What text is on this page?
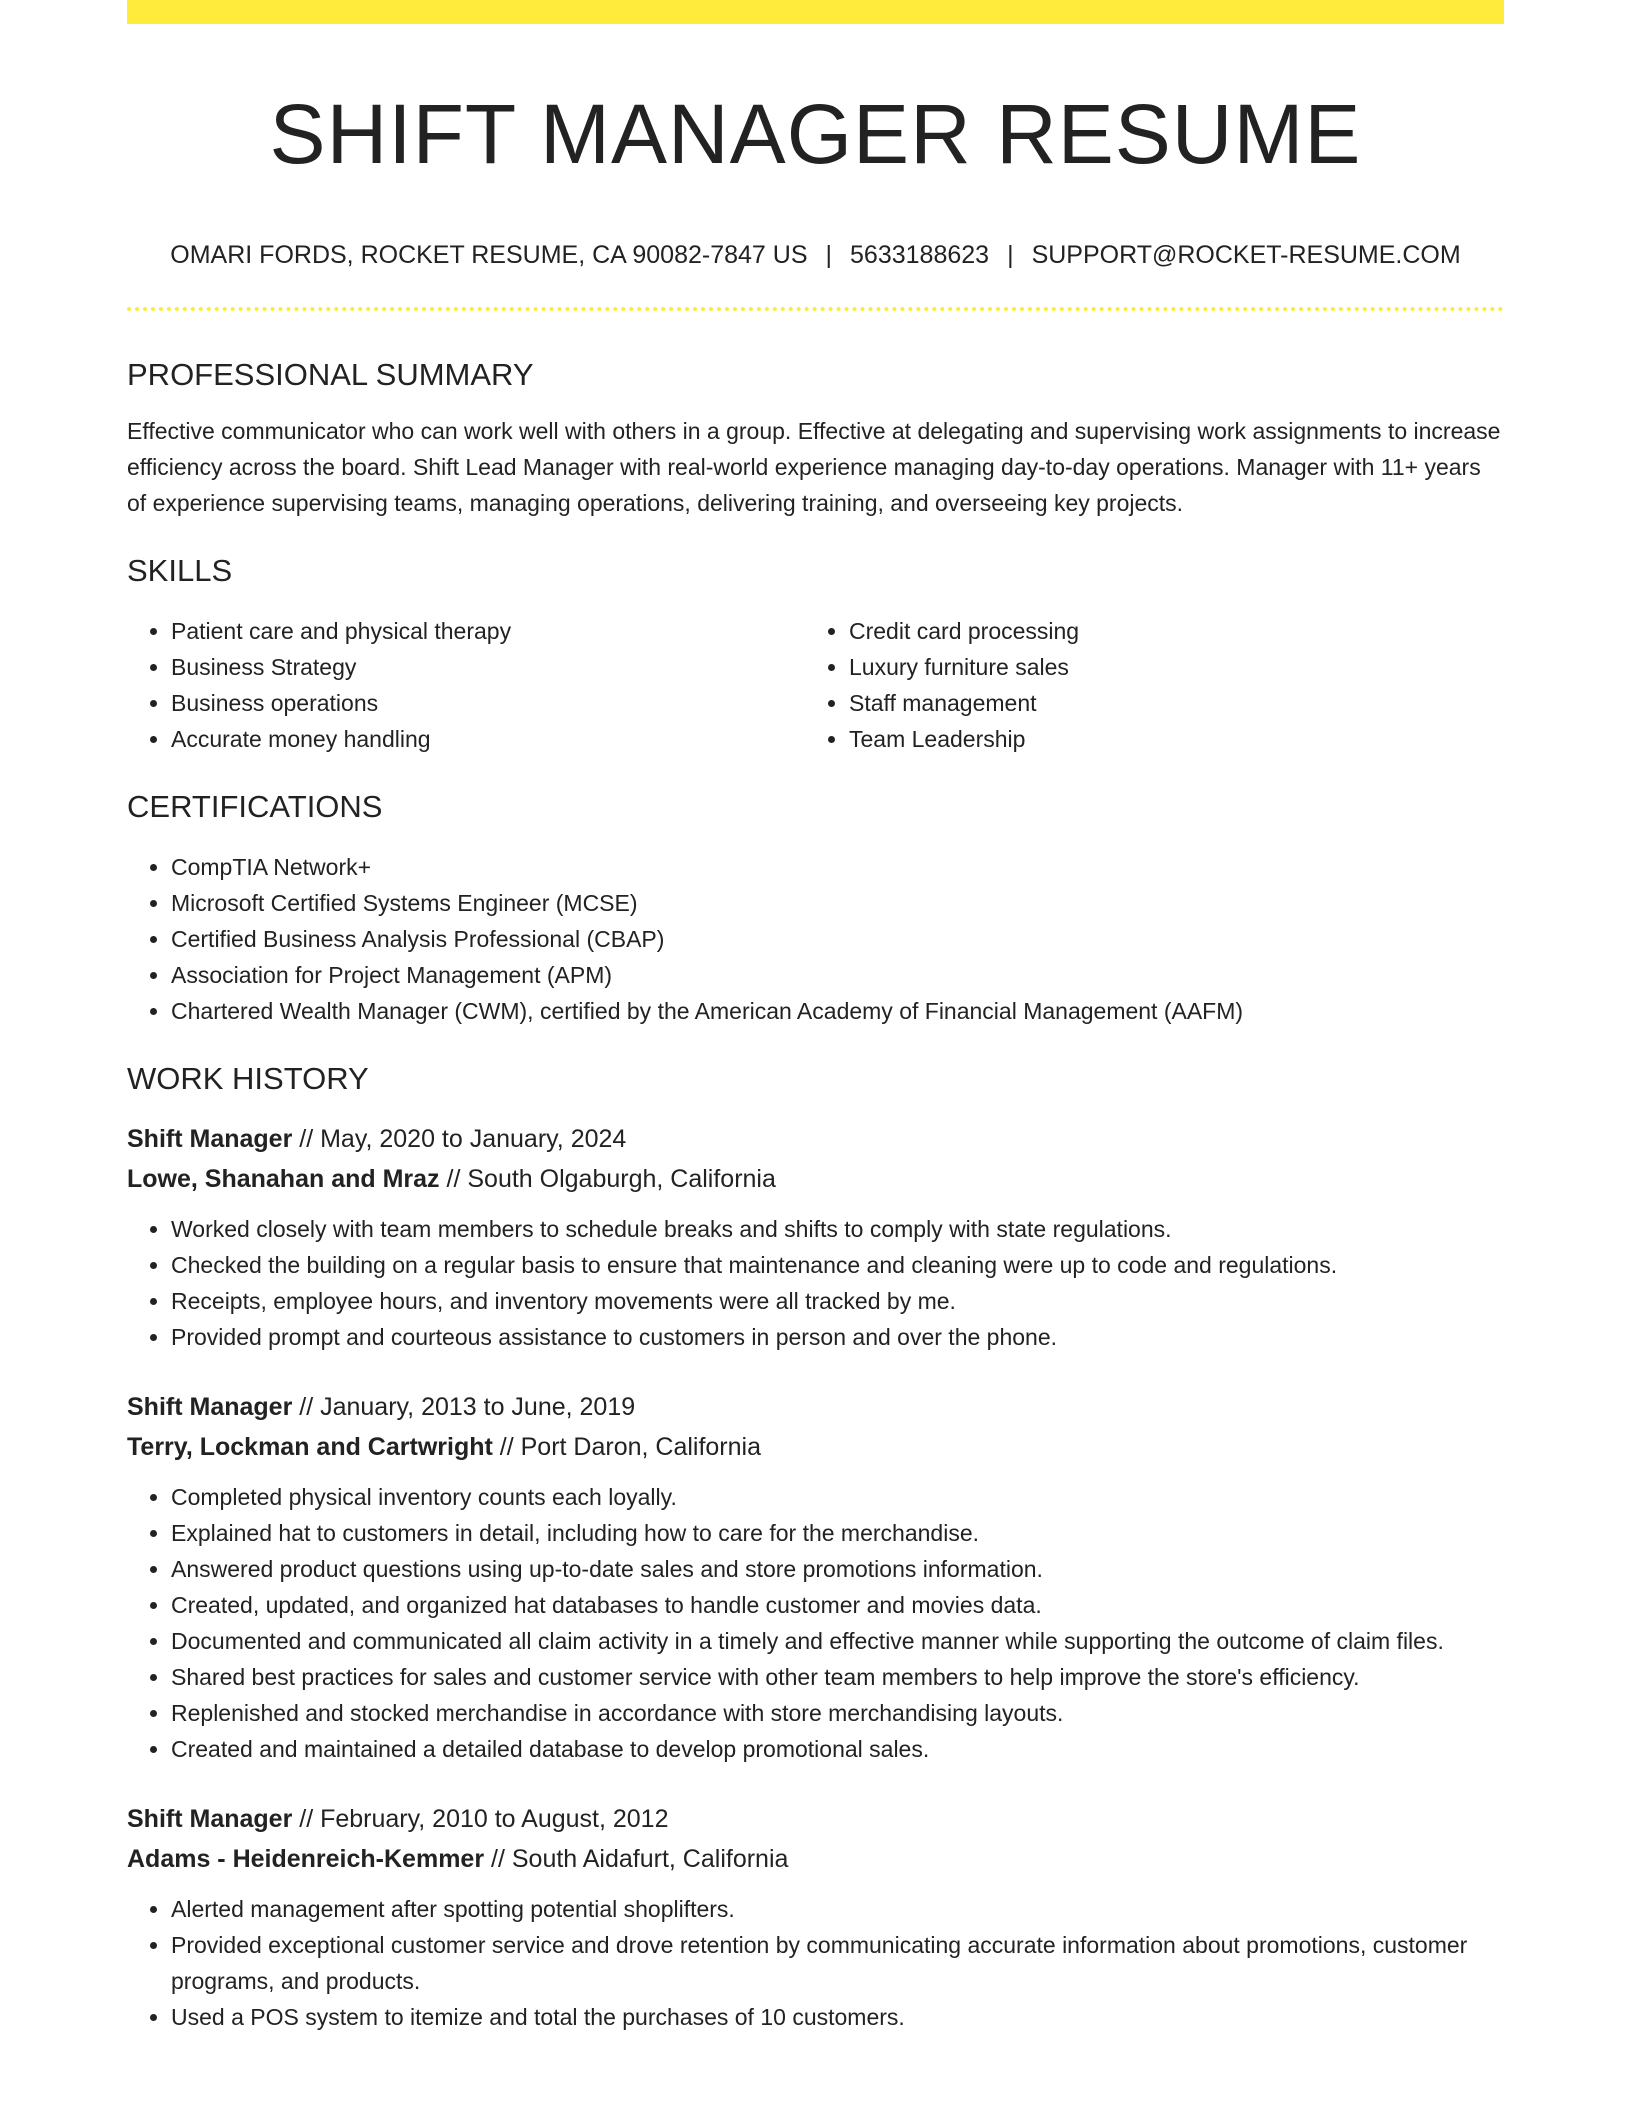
SHIFT MANAGER RESUME
OMARI FORDS, ROCKET RESUME, CA 90082-7847 US | 5633188623 | SUPPORT@ROCKET-RESUME.COM
PROFESSIONAL SUMMARY

Effective communicator who can work well with others in a group. Effective at delegating and supervising work assignments to increase efficiency across the board. Shift Lead Manager with real-world experience managing day-to-day operations. Manager with 11+ years of experience supervising teams, managing operations, delivering training, and overseeing key projects.

SKILLS
• Patient care and physical therapy
• Business Strategy
• Business operations
• Accurate money handling
• Credit card processing
• Luxury furniture sales
• Staff management
• Team Leadership
CERTIFICATIONS
• CompTIA Network+
• Microsoft Certified Systems Engineer (MCSE)
• Certified Business Analysis Professional (CBAP)
• Association for Project Management (APM)
• Chartered Wealth Manager (CWM), certified by the American Academy of Financial Management (AAFM)
WORK HISTORY
Shift Manager // May, 2020 to January, 2024
Lowe, Shanahan and Mraz // South Olgaburgh, California
• Worked closely with team members to schedule breaks and shifts to comply with state regulations.
• Checked the building on a regular basis to ensure that maintenance and cleaning were up to code and regulations.
• Receipts, employee hours, and inventory movements were all tracked by me.
• Provided prompt and courteous assistance to customers in person and over the phone.
Shift Manager // January, 2013 to June, 2019
Terry, Lockman and Cartwright // Port Daron, California
• Completed physical inventory counts each loyally.
• Explained hat to customers in detail, including how to care for the merchandise.
• Answered product questions using up-to-date sales and store promotions information.
• Created, updated, and organized hat databases to handle customer and movies data.
• Documented and communicated all claim activity in a timely and effective manner while supporting the outcome of claim files.
• Shared best practices for sales and customer service with other team members to help improve the store's efficiency.
• Replenished and stocked merchandise in accordance with store merchandising layouts.
• Created and maintained a detailed database to develop promotional sales.
Shift Manager // February, 2010 to August, 2012
Adams - Heidenreich-Kemmer // South Aidafurt, California
• Alerted management after spotting potential shoplifters.
• Provided exceptional customer service and drove retention by communicating accurate information about promotions, customer programs, and products.
• Used a POS system to itemize and total the purchases of 10 customers.
